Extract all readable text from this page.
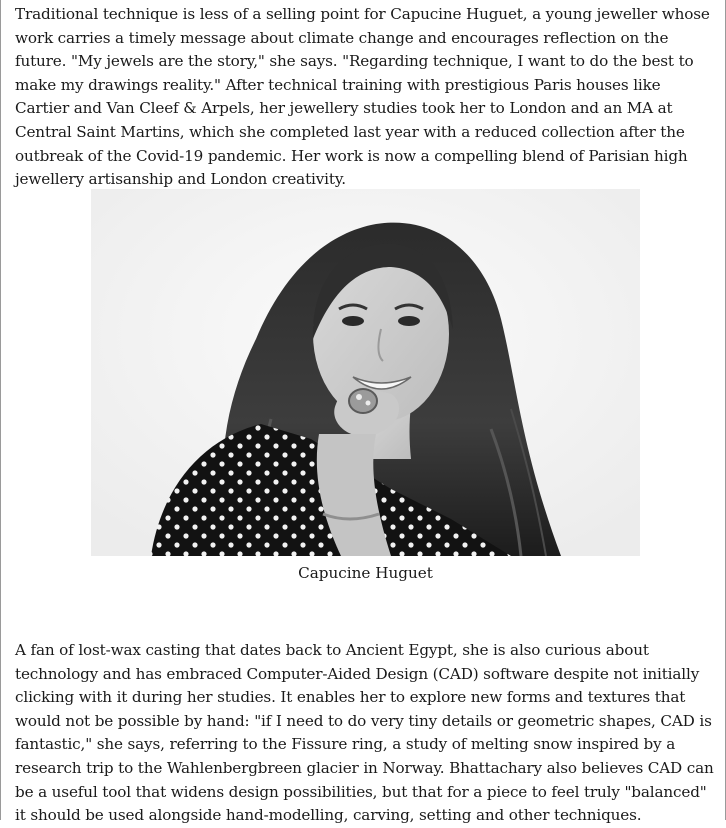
Traditional technique is less of a selling point for Capucine Huguet, a young jeweller whose work carries a timely message about climate change and encourages reflection on the future. "My jewels are the story," she says. "Regarding technique, I want to do the best to make my drawings reality." After technical training with prestigious Paris houses like Cartier and Van Cleef & Arpels, her jewellery studies took her to London and an MA at Central Saint Martins, which she completed last year with a reduced collection after the outbreak of the Covid-19 pandemic. Her work is now a compelling blend of Parisian high jewellery artisanship and London creativity.

Capucine Huguet

A fan of lost-wax casting that dates back to Ancient Egypt, she is also curious about technology and has embraced Computer-Aided Design (CAD) software despite not initially clicking with it during her studies. It enables her to explore new forms and textures that would not be possible by hand: "if I need to do very tiny details or geometric shapes, CAD is fantastic," she says, referring to the Fissure ring, a study of melting snow inspired by a research trip to the Wahlenbergbreen glacier in Norway. Bhattachary also believes CAD can be a useful tool that widens design possibilities, but that for a piece to feel truly "balanced" it should be used alongside hand-modelling, carving, setting and other techniques.
